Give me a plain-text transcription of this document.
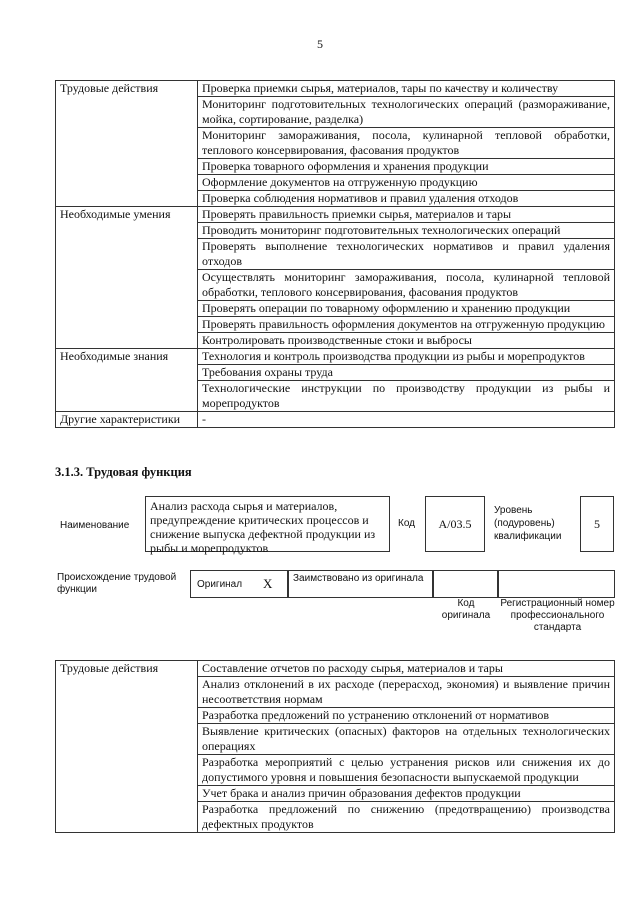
5
Трудовые действия	Проверка приемки сырья, материалов, тары по качеству и количеству
	Мониторинг подготовительных технологических операций (размораживание, мойка, сортирование, разделка)
	Мониторинг замораживания, посола, кулинарной тепловой обработки, теплового консервирования, фасования продуктов
	Проверка товарного оформления и хранения продукции
	Оформление документов на отгруженную продукцию
	Проверка соблюдения нормативов и правил удаления отходов
Необходимые умения	Проверять правильность приемки сырья, материалов и тары
	Проводить мониторинг подготовительных технологических операций
	Проверять выполнение технологических нормативов и правил удаления отходов
	Осуществлять мониторинг замораживания, посола, кулинарной тепловой обработки, теплового консервирования, фасования продуктов
	Проверять операции по товарному оформлению и хранению продукции
	Проверять правильность оформления документов на отгруженную продукцию
	Контролировать производственные стоки и выбросы
Необходимые знания	Технология и контроль производства продукции из рыбы и морепродуктов
	Требования охраны труда
	Технологические инструкции по производству продукции из рыбы и морепродуктов
Другие характеристики	-
3.1.3. Трудовая функция
Наименование
Анализ расхода сырья и материалов, предупреждение критических процессов и снижение выпуска дефектной продукции из рыбы и морепродуктов
Код	А/03.5
Уровень
(подуровень)
квалификации
5
Происхождение трудовой функции	Оригинал X	Заимствовано из оригинала
Код
оригинала
Регистрационный номер профессионального стандарта
Трудовые действия	Составление отчетов по расходу сырья, материалов и тары
Анализ отклонений в их расходе (перерасход, экономия) и выявление причин несоответствия нормам
Разработка предложений по устранению отклонений от нормативов
Выявление критических (опасных) факторов на отдельных технологических операциях
Разработка мероприятий с целью устранения рисков или снижения их до допустимого уровня и повышения безопасности выпускаемой продукции
Учет брака и анализ причин образования дефектов продукции
Разработка предложений по снижению (предотвращению) производства дефектных продуктов
